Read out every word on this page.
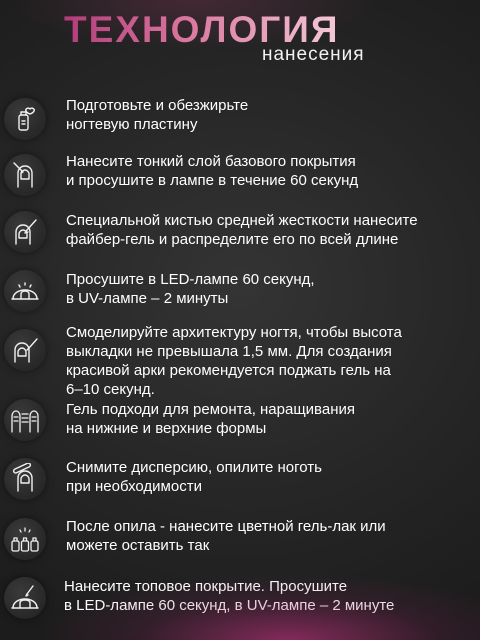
ТЕХНОЛОГИЯ
нанесения
Подготовьте и обезжирьте
ногтевую пластину
Нанесите тонкий слой базового покрытия
и просушите в лампе в течение 60 секунд
Специальной кистью средней жесткости нанесите
файбер-гель и распределите его по всей длине
Просушите в LED-лампе 60 секунд,
в UV-лампе – 2 минуты
Смоделируйте архитектуру ногтя, чтобы высота
выкладки не превышала 1,5 мм. Для создания
красивой арки рекомендуется поджать гель на
6–10 секунд.
Гель подходи для ремонта, наращивания
на нижние и верхние формы
Снимите дисперсию, опилите ноготь
при необходимости
После опила - нанесите цветной гель-лак или
можете оставить так
Нанесите топовое покрытие. Просушите
в LED-лампе 60 секунд, в UV-лампе – 2 минуте
